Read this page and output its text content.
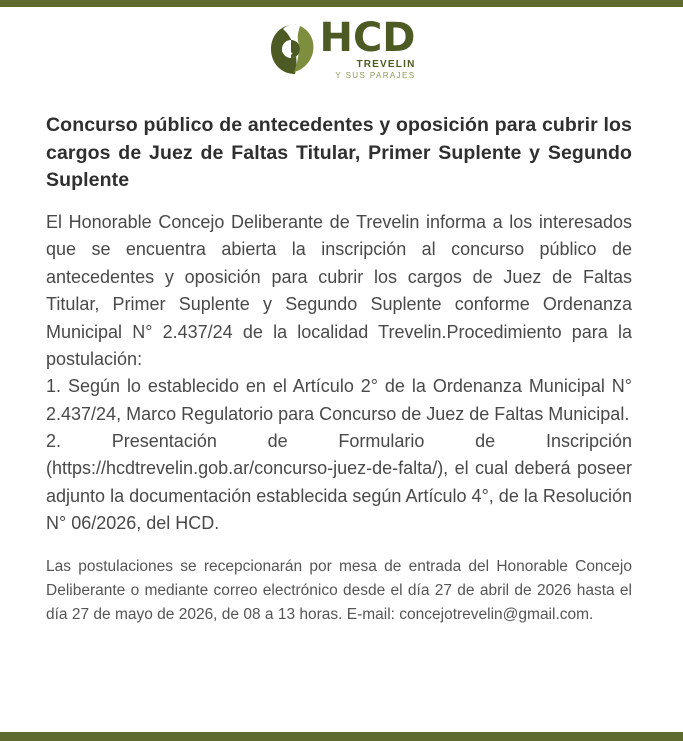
HCD
TREVELIN
Y SUS PARAJES
Concurso público de antecedentes y oposición para cubrir los cargos de Juez de Faltas Titular, Primer Suplente y Segundo Suplente

El Honorable Concejo Deliberante de Trevelin informa a los interesados que se encuentra abierta la inscripción al concurso público de antecedentes y oposición para cubrir los cargos de Juez de Faltas Titular, Primer Suplente y Segundo Suplente conforme Ordenanza Municipal N° 2.437/24 de la localidad Trevelin.Procedimiento para la postulación:

1. Según lo establecido en el Artículo 2° de la Ordenanza Municipal N° 2.437/24, Marco Regulatorio para Concurso de Juez de Faltas Municipal.

2. Presentación de Formulario de Inscripción (https://hcdtrevelin.gob.ar/concurso-juez-de-falta/), el cual deberá poseer adjunto la documentación establecida según Artículo 4°, de la Resolución N° 06/2026, del HCD.

Las postulaciones se recepcionarán por mesa de entrada del Honorable Concejo Deliberante o mediante correo electrónico desde el día 27 de abril de 2026 hasta el día 27 de mayo de 2026, de 08 a 13 horas. E-mail: concejotrevelin@gmail.com.
